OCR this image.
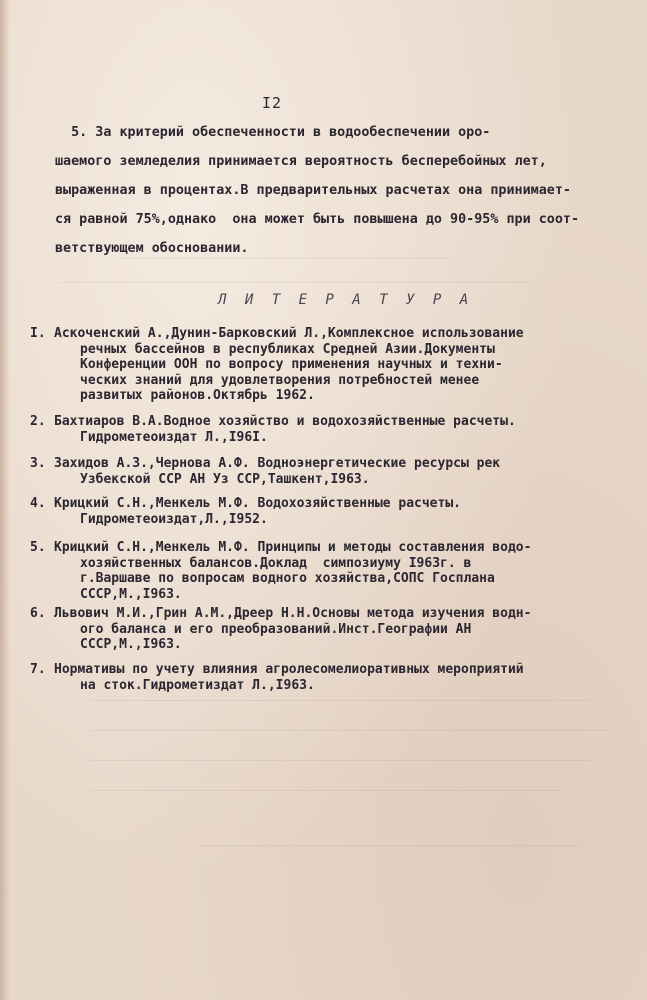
I2
5. За критерий обеспеченности в водообеспечении оро-
шаемого земледелия принимается вероятность бесперебойных лет,
выраженная в процентах.В предварительных расчетах она принимает-
ся равной 75%,однако  она может быть повышена до 90-95% при соот-
ветствующем обосновании.
Л И Т Е Р А Т У Р А
I. Аскоченский А.,Дунин-Барковский Л.,Комплексное использование
речных бассейнов в республиках Средней Азии.Документы
Конференции ООН по вопросу применения научных и техни-
ческих знаний для удовлетворения потребностей менее
развитых районов.Октябрь 1962.
2. Бахтиаров В.А.Водное хозяйство и водохозяйственные расчеты.
Гидрометеоиздат Л.,I96I.
3. Захидов А.З.,Чернова А.Ф. Водноэнергетические ресурсы рек
Узбекской ССР АН Уз ССР,Ташкент,I963.
4. Крицкий С.Н.,Менкель М.Ф. Водохозяйственные расчеты.
Гидрометеоиздат,Л.,I952.
5. Крицкий С.Н.,Менкель М.Ф. Принципы и методы составления водо-
хозяйственных балансов.Доклад  симпозиуму I963г. в
г.Варшаве по вопросам водного хозяйства,СОПС Госплана
СССР,М.,I963.
6. Львович М.И.,Грин А.М.,Дреер Н.Н.Основы метода изучения водн-
ого баланса и его преобразований.Инст.Географии АН
СССР,М.,I963.
7. Нормативы по учету влияния агролесомелиоративных мероприятий
на сток.Гидрометиздат Л.,I963.
